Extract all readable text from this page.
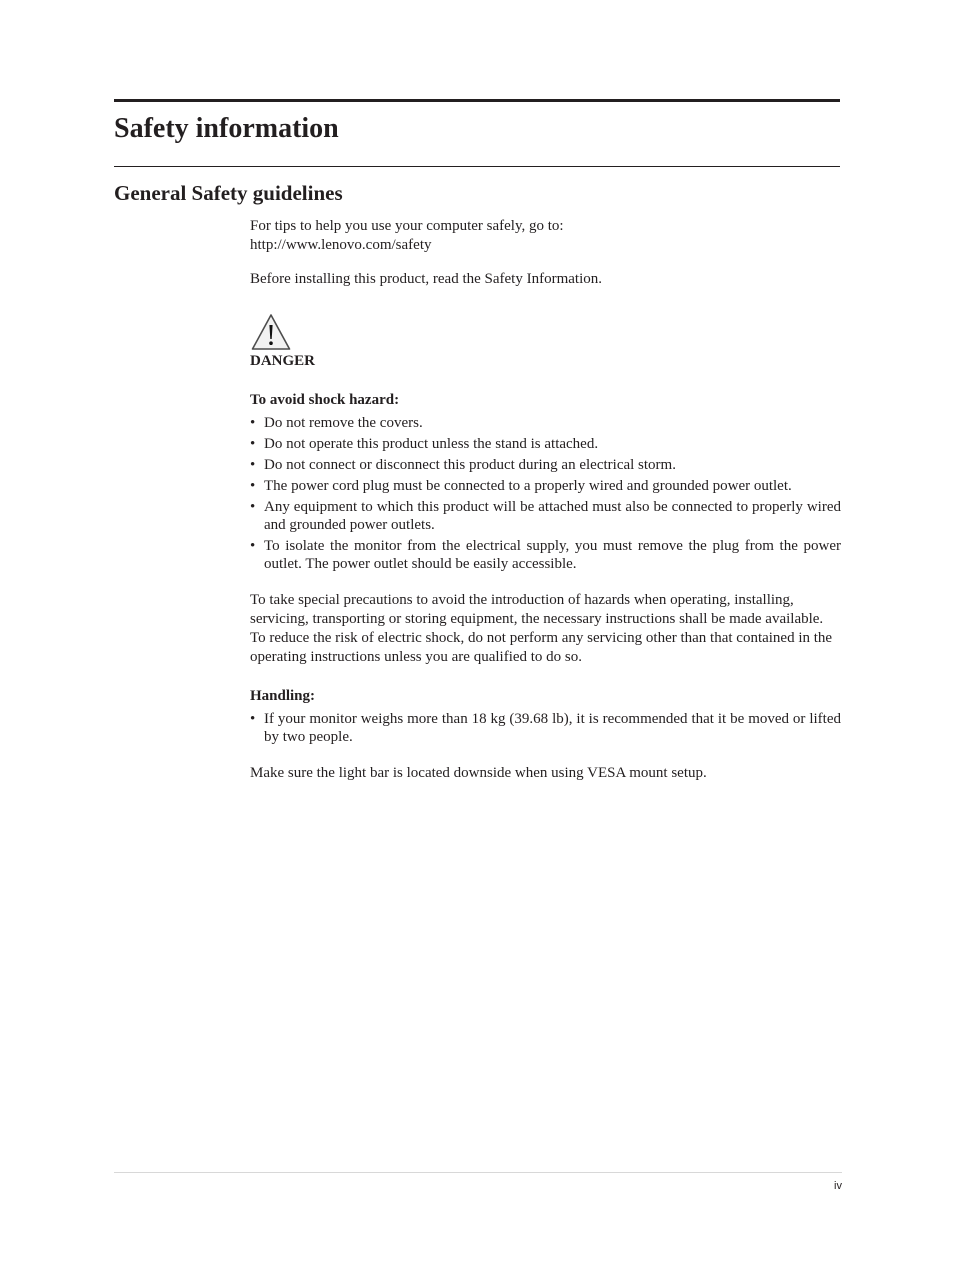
Safety information
General Safety guidelines

For tips to help you use your computer safely, go to:

http://www.lenovo.com/safety

Before installing this product, read the Safety Information.

DANGER

To avoid shock hazard:

• Do not remove the covers.
• Do not operate this product unless the stand is attached.
• Do not connect or disconnect this product during an electrical storm.
• The power cord plug must be connected to a properly wired and grounded power outlet.
• Any equipment to which this product will be attached must also be connected to properly wired and grounded power outlets.
• To isolate the monitor from the electrical supply, you must remove the plug from the power outlet. The power outlet should be easily accessible.

To take special precautions to avoid the introduction of hazards when operating, installing, servicing, transporting or storing equipment, the necessary instructions shall be made available.

To reduce the risk of electric shock, do not perform any servicing other than that contained in the operating instructions unless you are qualified to do so.

Handling:

• If your monitor weighs more than 18 kg (39.68 lb), it is recommended that it be moved or lifted by two people.

Make sure the light bar is located downside when using VESA mount setup.

iv
